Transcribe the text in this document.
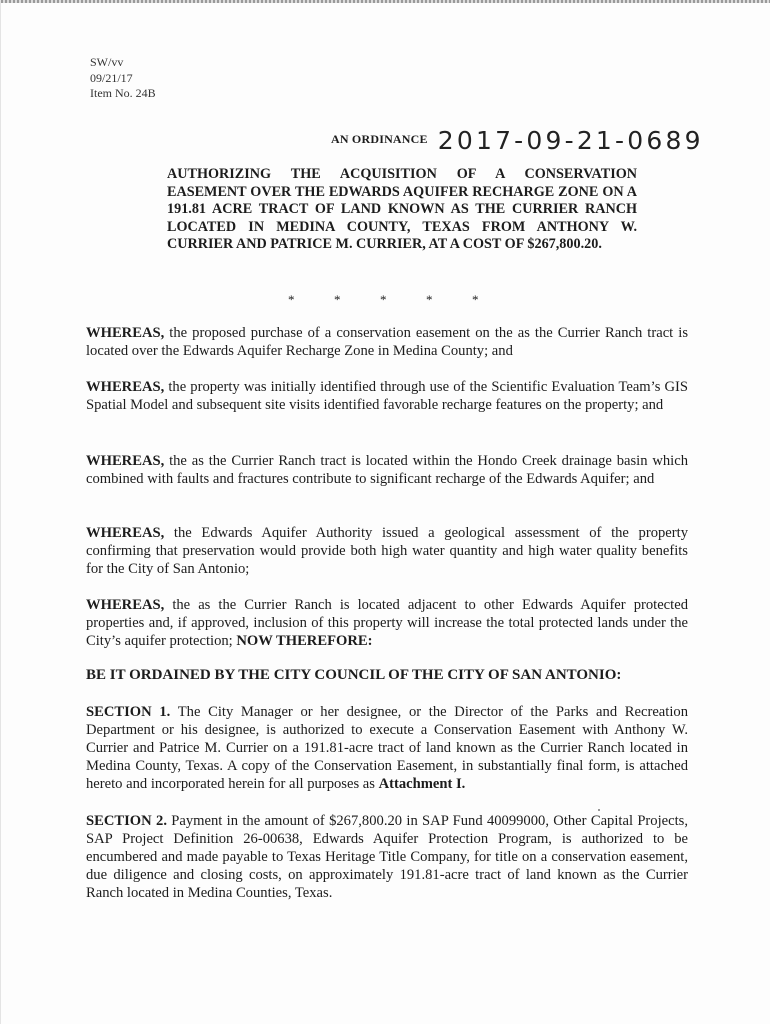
SW/vv
09/21/17
Item No. 24B
$^{AN ORDINANCE}$ 2017-09-21-0689
AUTHORIZING THE ACQUISITION OF A CONSERVATION EASEMENT OVER THE EDWARDS AQUIFER RECHARGE ZONE ON A 191.81 ACRE TRACT OF LAND KNOWN AS THE CURRIER RANCH LOCATED IN MEDINA COUNTY, TEXAS FROM ANTHONY W. CURRIER AND PATRICE M. CURRIER, AT A COST OF $267,800.20.
*	*	*	*	*
WHEREAS, the proposed purchase of a conservation easement on the as the Currier Ranch tract is located over the Edwards Aquifer Recharge Zone in Medina County; and
WHEREAS, the property was initially identified through use of the Scientific Evaluation Team’s GIS Spatial Model and subsequent site visits identified favorable recharge features on the property; and
WHEREAS, the as the Currier Ranch tract is located within the Hondo Creek drainage basin which combined with faults and fractures contribute to significant recharge of the Edwards Aquifer; and
WHEREAS, the Edwards Aquifer Authority issued a geological assessment of the property confirming that preservation would provide both high water quantity and high water quality benefits for the City of San Antonio;
WHEREAS, the as the Currier Ranch is located adjacent to other Edwards Aquifer protected properties and, if approved, inclusion of this property will increase the total protected lands under the City’s aquifer protection; NOW THEREFORE:
BE IT ORDAINED BY THE CITY COUNCIL OF THE CITY OF SAN ANTONIO:
SECTION 1. The City Manager or her designee, or the Director of the Parks and Recreation Department or his designee, is authorized to execute a Conservation Easement with Anthony W. Currier and Patrice M. Currier on a 191.81-acre tract of land known as the Currier Ranch located in Medina County, Texas. A copy of the Conservation Easement, in substantially final form, is attached hereto and incorporated herein for all purposes as Attachment I.
SECTION 2. Payment in the amount of $267,800.20 in SAP Fund 40099000, Other Capital Projects, SAP Project Definition 26-00638, Edwards Aquifer Protection Program, is authorized to be encumbered and made payable to Texas Heritage Title Company, for title on a conservation easement, due diligence and closing costs, on approximately 191.81-acre tract of land known as the Currier Ranch located in Medina Counties, Texas.
